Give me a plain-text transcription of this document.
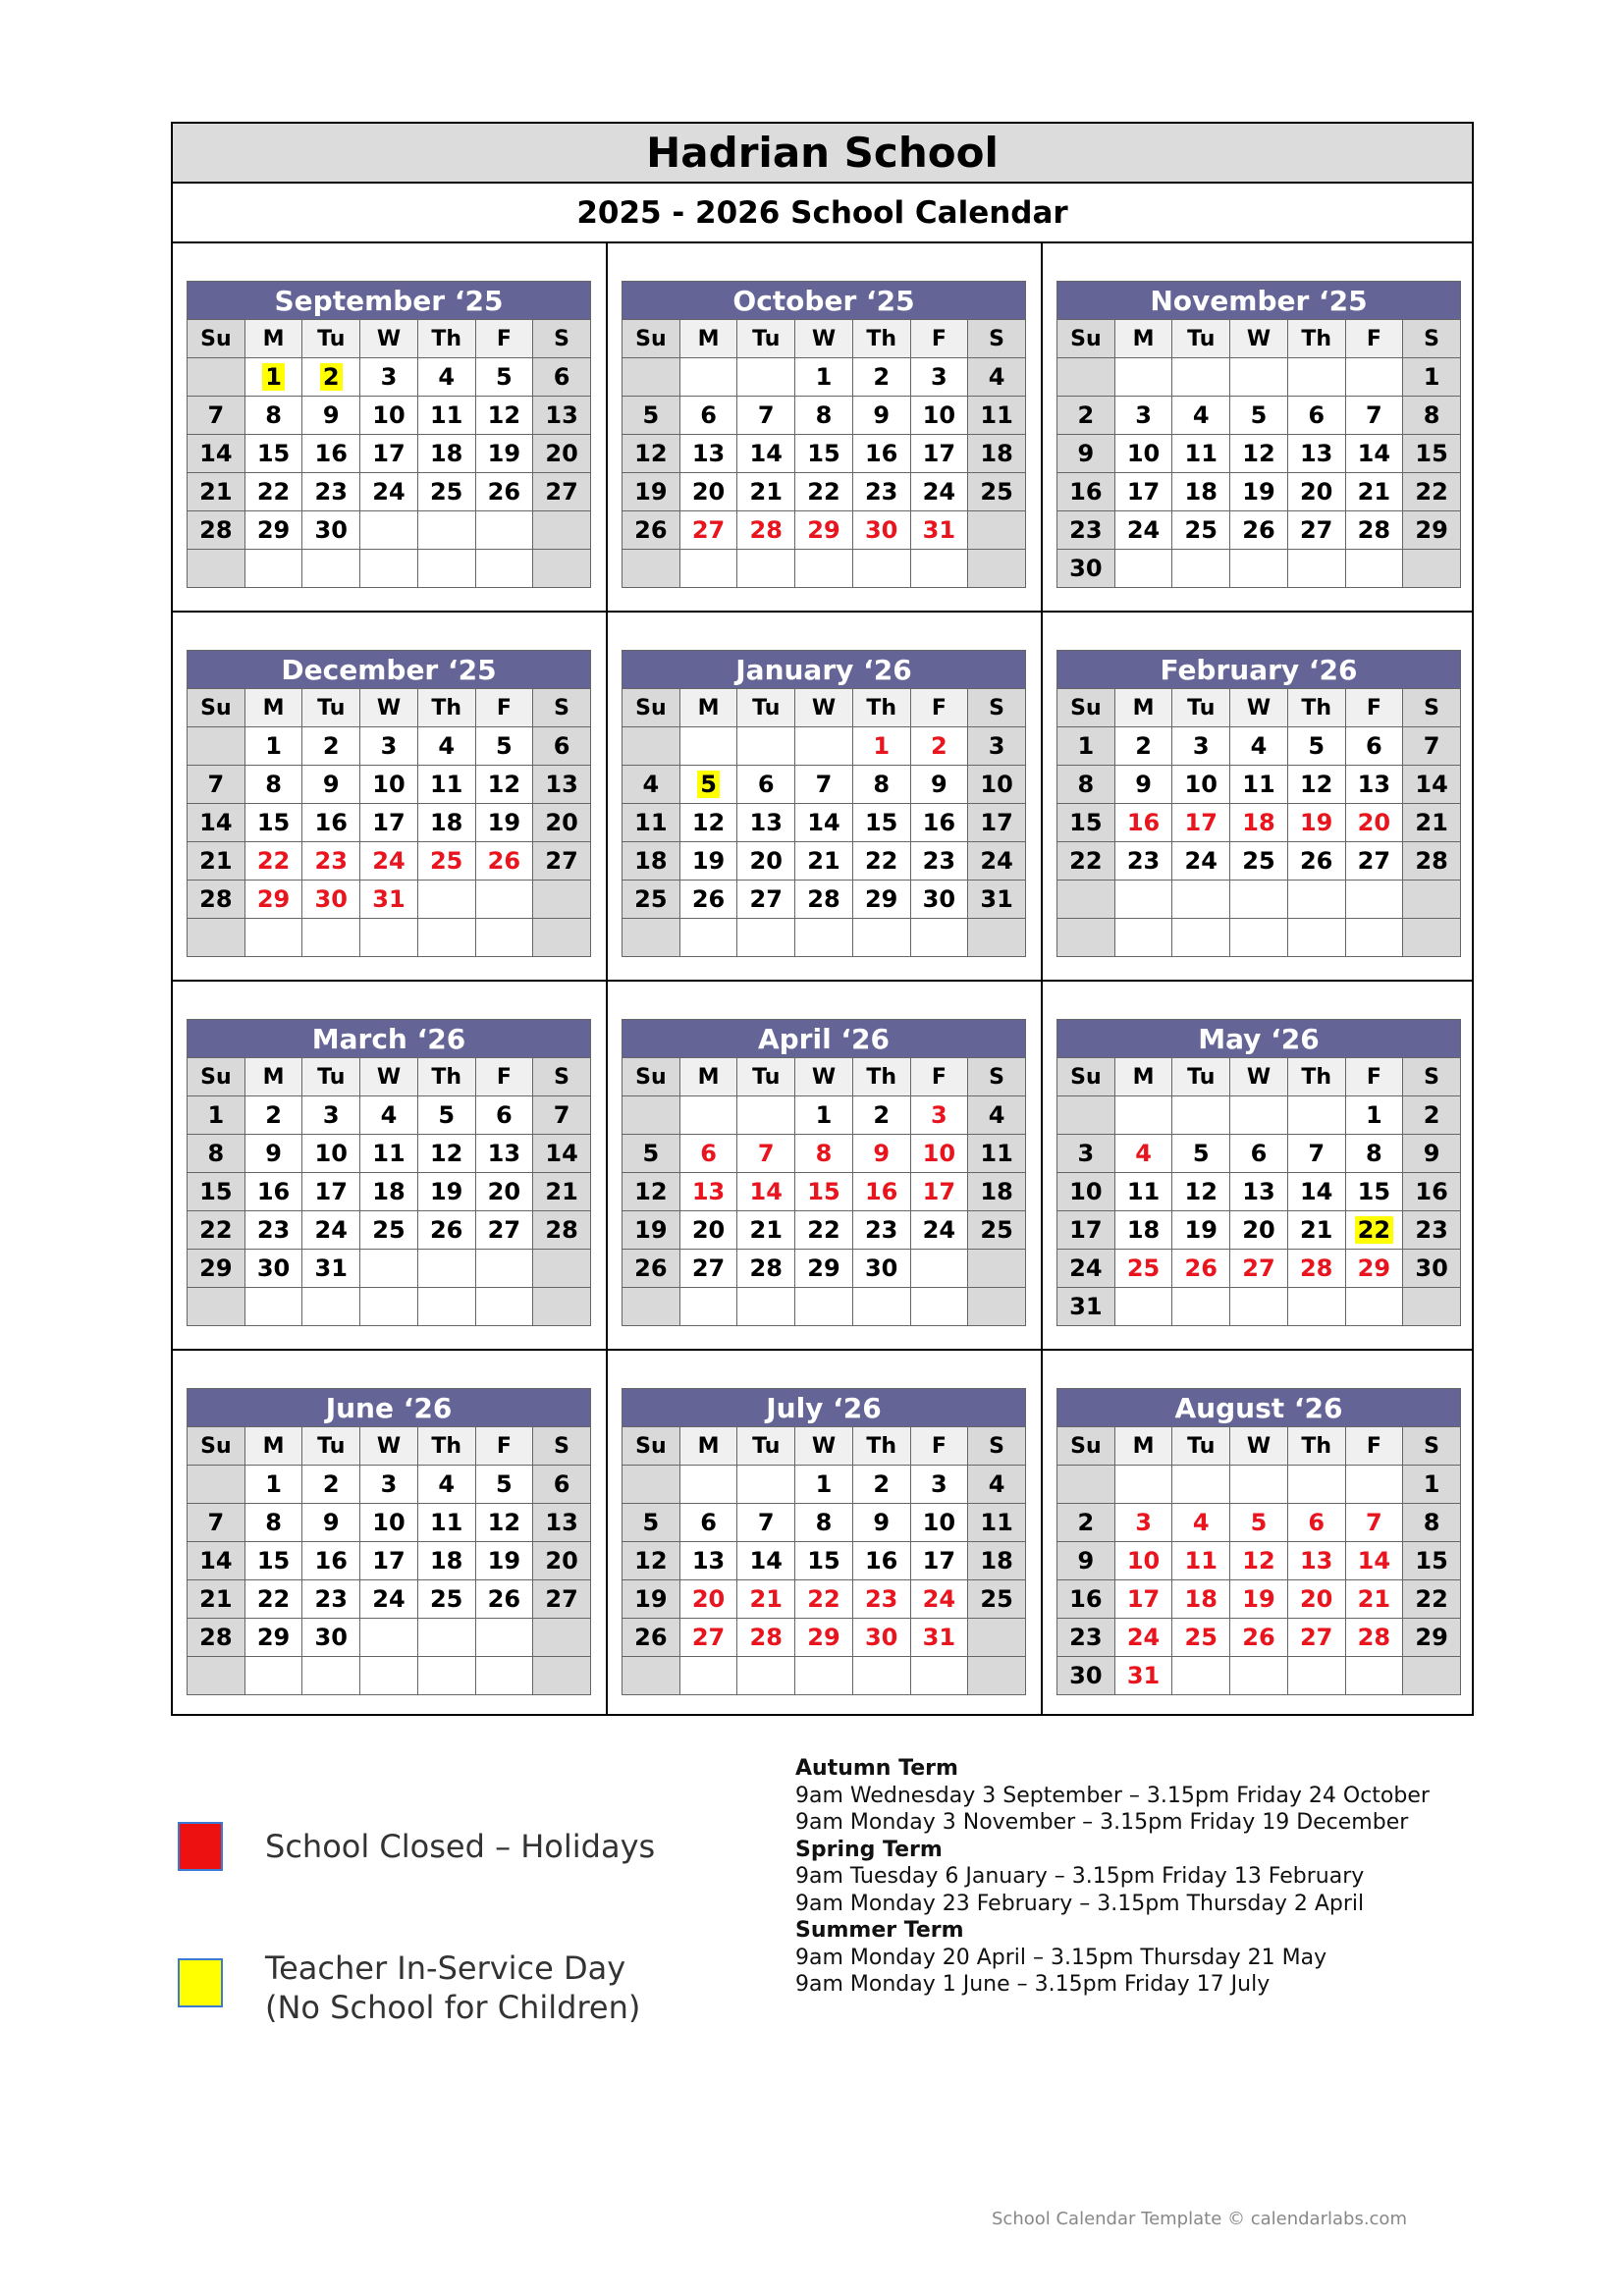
Hadrian School
2025 - 2026 School Calendar
September ‘25						
Su	M	Tu	W	Th	F	S
	1	2	3	4	5	6
7	8	9	10	11	12	13
14	15	16	17	18	19	20
21	22	23	24	25	26	27
28	29	30				

October ‘25						
Su	M	Tu	W	Th	F	S
			1	2	3	4
5	6	7	8	9	10	11
12	13	14	15	16	17	18
19	20	21	22	23	24	25
26	27	28	29	30	31	

November ‘25						
Su	M	Tu	W	Th	F	S
						1
2	3	4	5	6	7	8
9	10	11	12	13	14	15
16	17	18	19	20	21	22
23	24	25	26	27	28	29
30						
December ‘25						
Su	M	Tu	W	Th	F	S
	1	2	3	4	5	6
7	8	9	10	11	12	13
14	15	16	17	18	19	20
21	22	23	24	25	26	27
28	29	30	31			

January ‘26						
Su	M	Tu	W	Th	F	S
				1	2	3
4	5	6	7	8	9	10
11	12	13	14	15	16	17
18	19	20	21	22	23	24
25	26	27	28	29	30	31

February ‘26						
Su	M	Tu	W	Th	F	S
1	2	3	4	5	6	7
8	9	10	11	12	13	14
15	16	17	18	19	20	21
22	23	24	25	26	27	28

March ‘26						
Su	M	Tu	W	Th	F	S
1	2	3	4	5	6	7
8	9	10	11	12	13	14
15	16	17	18	19	20	21
22	23	24	25	26	27	28
29	30	31				

April ‘26						
Su	M	Tu	W	Th	F	S
			1	2	3	4
5	6	7	8	9	10	11
12	13	14	15	16	17	18
19	20	21	22	23	24	25
26	27	28	29	30		

May ‘26						
Su	M	Tu	W	Th	F	S
					1	2
3	4	5	6	7	8	9
10	11	12	13	14	15	16
17	18	19	20	21	22	23
24	25	26	27	28	29	30
31						
June ‘26						
Su	M	Tu	W	Th	F	S
	1	2	3	4	5	6
7	8	9	10	11	12	13
14	15	16	17	18	19	20
21	22	23	24	25	26	27
28	29	30				

July ‘26						
Su	M	Tu	W	Th	F	S
			1	2	3	4
5	6	7	8	9	10	11
12	13	14	15	16	17	18
19	20	21	22	23	24	25
26	27	28	29	30	31	

August ‘26						
Su	M	Tu	W	Th	F	S
						1
2	3	4	5	6	7	8
9	10	11	12	13	14	15
16	17	18	19	20	21	22
23	24	25	26	27	28	29
30	31					
School Closed – Holidays
Teacher In-Service Day
(No School for Children)
Autumn Term
9am Wednesday 3 September – 3.15pm Friday 24 October
9am Monday 3 November – 3.15pm Friday 19 December
Spring Term
9am Tuesday 6 January – 3.15pm Friday 13 February
9am Monday 23 February – 3.15pm Thursday 2 April
Summer Term
9am Monday 20 April – 3.15pm Thursday 21 May
9am Monday 1 June – 3.15pm Friday 17 July
School Calendar Template © calendarlabs.com
